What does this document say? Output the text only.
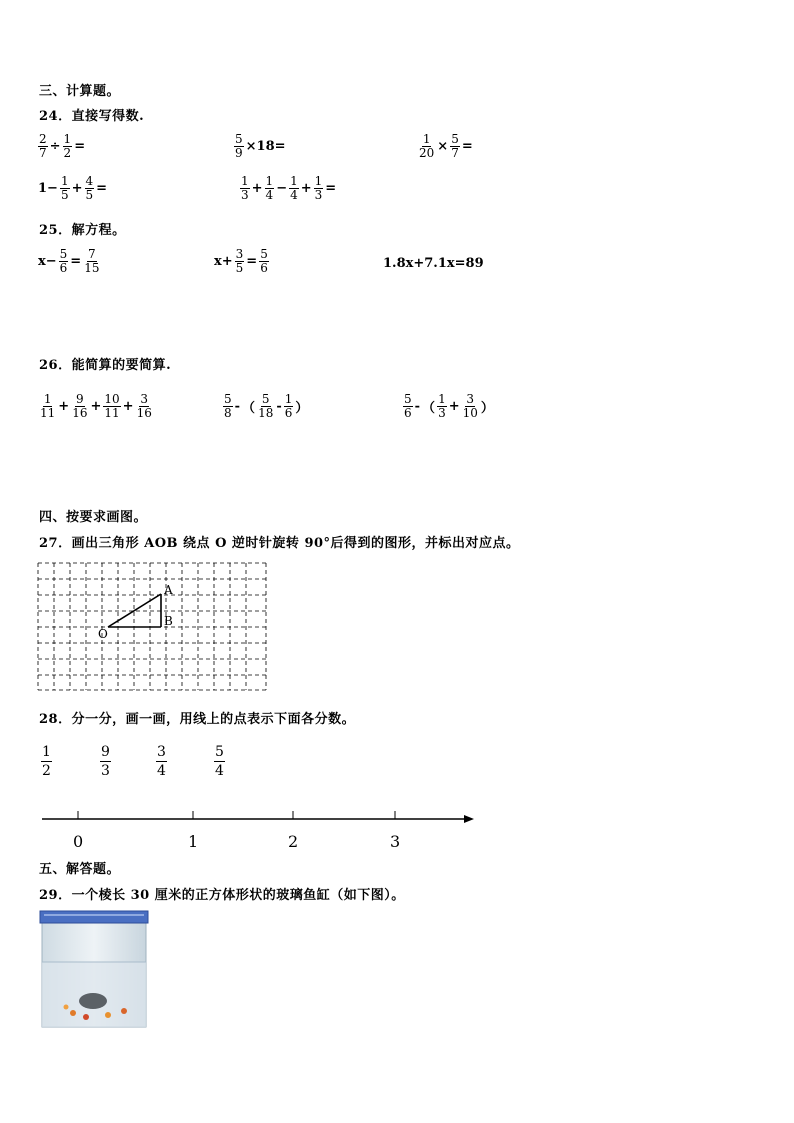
三、计算题。
24．直接写得数.
$\frac{2}{7} \div \frac{1}{2}$ =	$\frac{5}{9} \times 18=$	$\frac{1}{20} \times \frac{5}{7}$ =
$1- \frac{1}{5} + \frac{4}{5}$ =	$\frac{1}{3} + \frac{1}{4} - \frac{1}{4} + \frac{1}{3}$ =
25．解方程。
$x- \frac{5}{6} = \frac{7}{15}$	$x+ \frac{3}{5} = \frac{5}{6}$	1.8x+7.1x=89
26．能简算的要简算.
$\frac{1}{11} + \frac{9}{16} + \frac{10}{11} + \frac{3}{16}$	$\frac{5}{8}$ - （ $\frac{5}{18} - \frac{1}{6}$ ）	$\frac{5}{6}$ - （ $\frac{1}{3} + \frac{3}{10}$ ）
四、按要求画图。
27．画出三角形 AOB 绕点 O 逆时针旋转 90°后得到的图形，并标出对应点。
A
B
O
28．分一分，画一画，用线上的点表示下面各分数。
$\frac{1}{2}$	$\frac{9}{3}$	$\frac{3}{4}$	$\frac{5}{4}$
0	1	2	3
五、解答题。
29．一个棱长 30 厘米的正方体形状的玻璃鱼缸（如下图）。
